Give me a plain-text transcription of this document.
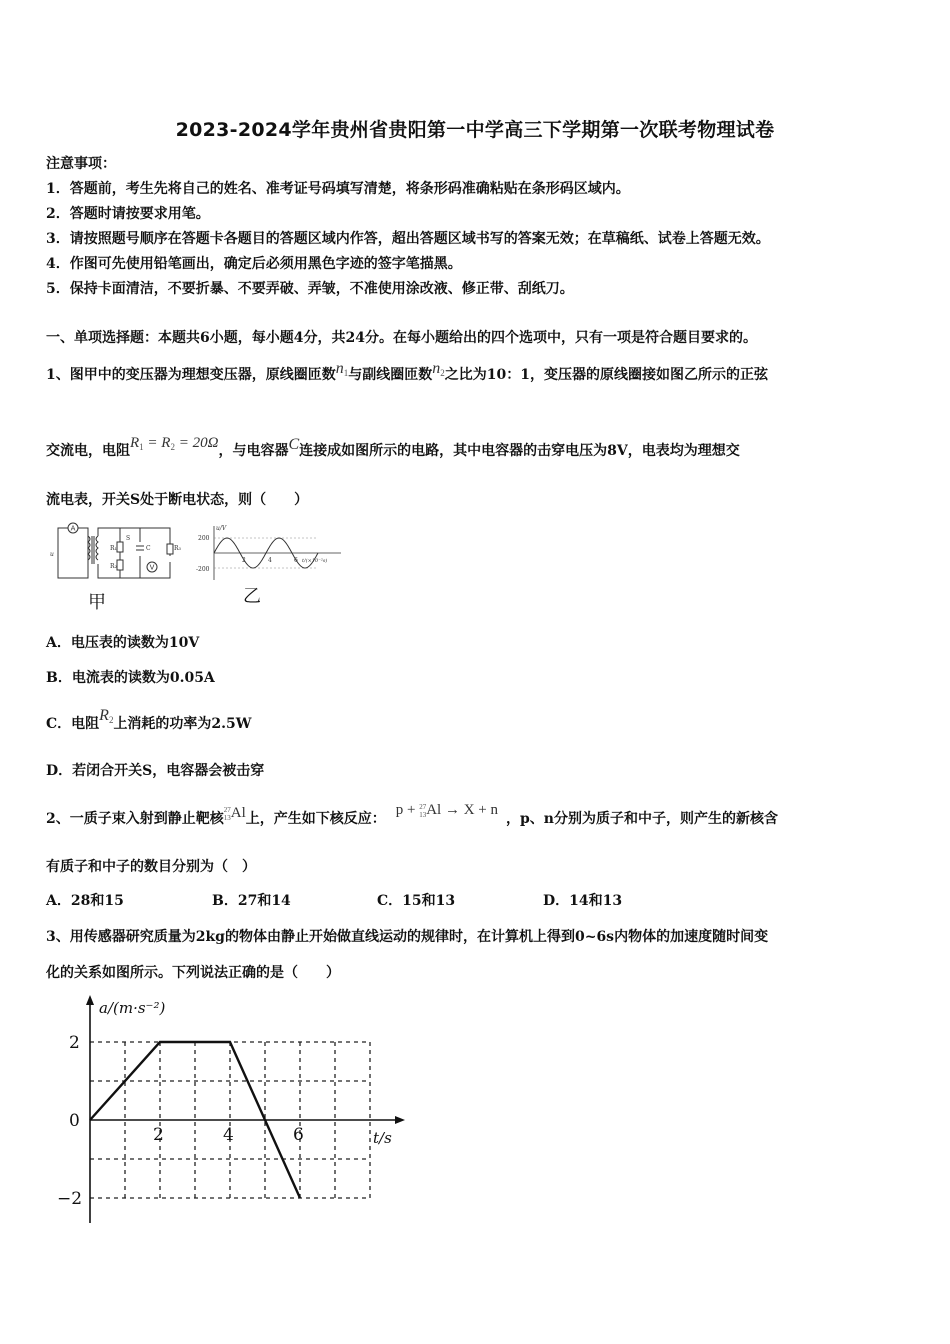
2023-2024学年贵州省贵阳第一中学高三下学期第一次联考物理试卷
注意事项：
1．答题前，考生先将自己的姓名、准考证号码填写清楚，将条形码准确粘贴在条形码区域内。
2．答题时请按要求用笔。
3．请按照题号顺序在答题卡各题目的答题区域内作答，超出答题区域书写的答案无效；在草稿纸、试卷上答题无效。
4．作图可先使用铅笔画出，确定后必须用黑色字迹的签字笔描黑。
5．保持卡面清洁，不要折暴、不要弄破、弄皱，不准使用涂改液、修正带、刮纸刀。
一、单项选择题：本题共6小题，每小题4分，共24分。在每小题给出的四个选项中，只有一项是符合题目要求的。
1、图甲中的变压器为理想变压器，原线圈匝数$n_1$与副线圈匝数$n_2$之比为10：1，变压器的原线圈接如图乙所示的正弦
交流电，电阻$R_1 = R_2 = 20\Omega$，与电容器C连接成如图所示的电路，其中电容器的击穿电压为8V，电表均为理想交
流电表，开关S处于断电状态，则（　　）
A
V
u
S
C
R₁
R₂
R₃
甲
u/V
200
-200
2	4	6 t/(×10⁻²s)
乙
A．电压表的读数为10V
B．电流表的读数为0.05A
C．电阻$R_2$上消耗的功率为2.5W
D．若闭合开关S，电容器会被击穿
2、一质子束入射到静止靶核
27
13 Al上，产生如下核反应：p + 27
13 Al → X + n，p、n分别为质子和中子，则产生的新核含
有质子和中子的数目分别为（　）
A．28和15	B．27和14	C．15和13	D．14和13
3、用传感器研究质量为2kg的物体由静止开始做直线运动的规律时，在计算机上得到0~6s内物体的加速度随时间变
化的关系如图所示。下列说法正确的是（　　）
2	4	6
2
0
−2
a/(m·s⁻²)
t/s
